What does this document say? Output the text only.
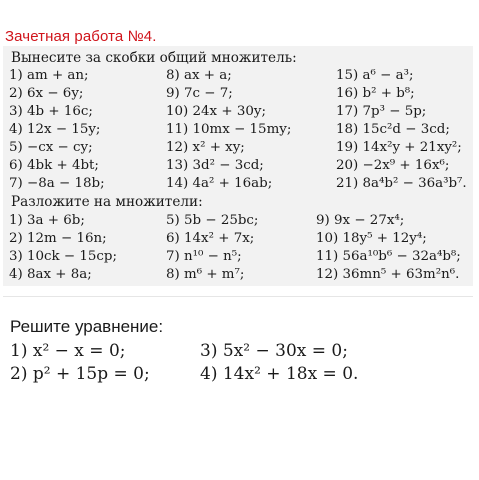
Зачетная работа №4.
Вынесите за скобки общий множитель:
1) am + an;	8) ax + a;	15) a⁶ − a³;
2) 6x − 6y;	9) 7c − 7;	16) b² + b⁸;
3) 4b + 16c;	10) 24x + 30y;	17) 7p³ − 5p;
4) 12x − 15y;	11) 10mx − 15my;	18) 15c²d − 3cd;
5) −cx − cy;	12) x² + xy;	19) 14x²y + 21xy²;
6) 4bk + 4bt;	13) 3d² − 3cd;	20) −2x⁹ + 16x⁶;
7) −8a − 18b;	14) 4a² + 16ab;	21) 8a⁴b² − 36a³b⁷.
Разложите на множители:
1) 3a + 6b;	5) 5b − 25bc;	9) 9x − 27x⁴;
2) 12m − 16n;	6) 14x² + 7x;	10) 18y⁵ + 12y⁴;
3) 10ck − 15cp;	7) n¹⁰ − n⁵;	11) 56a¹⁰b⁶ − 32a⁴b⁸;
4) 8ax + 8a;	8) m⁶ + m⁷;	12) 36mn⁵ + 63m²n⁶.
Решите уравнение:
1) x² − x = 0;	3) 5x² − 30x = 0;
2) p² + 15p = 0;	4) 14x² + 18x = 0.
